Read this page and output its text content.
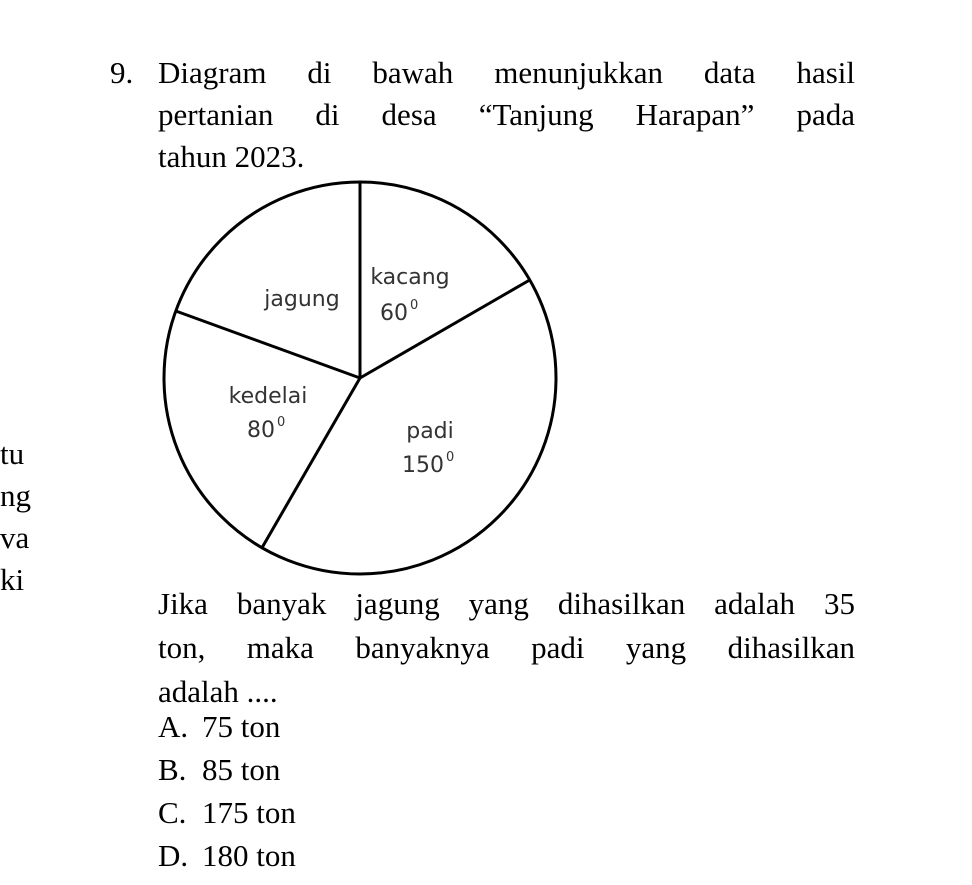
9. Diagram di bawah menunjukkan data hasil
pertanian di desa “Tanjung Harapan” pada
tahun 2023.
tu
ng
va
ki
kacang
60 0
padi
150 0
kedelai
80 0
jagung
Jika banyak jagung yang dihasilkan adalah 35
ton, maka banyaknya padi yang dihasilkan
adalah ....
A. 75 ton
B. 85 ton
C. 175 ton
D. 180 ton
